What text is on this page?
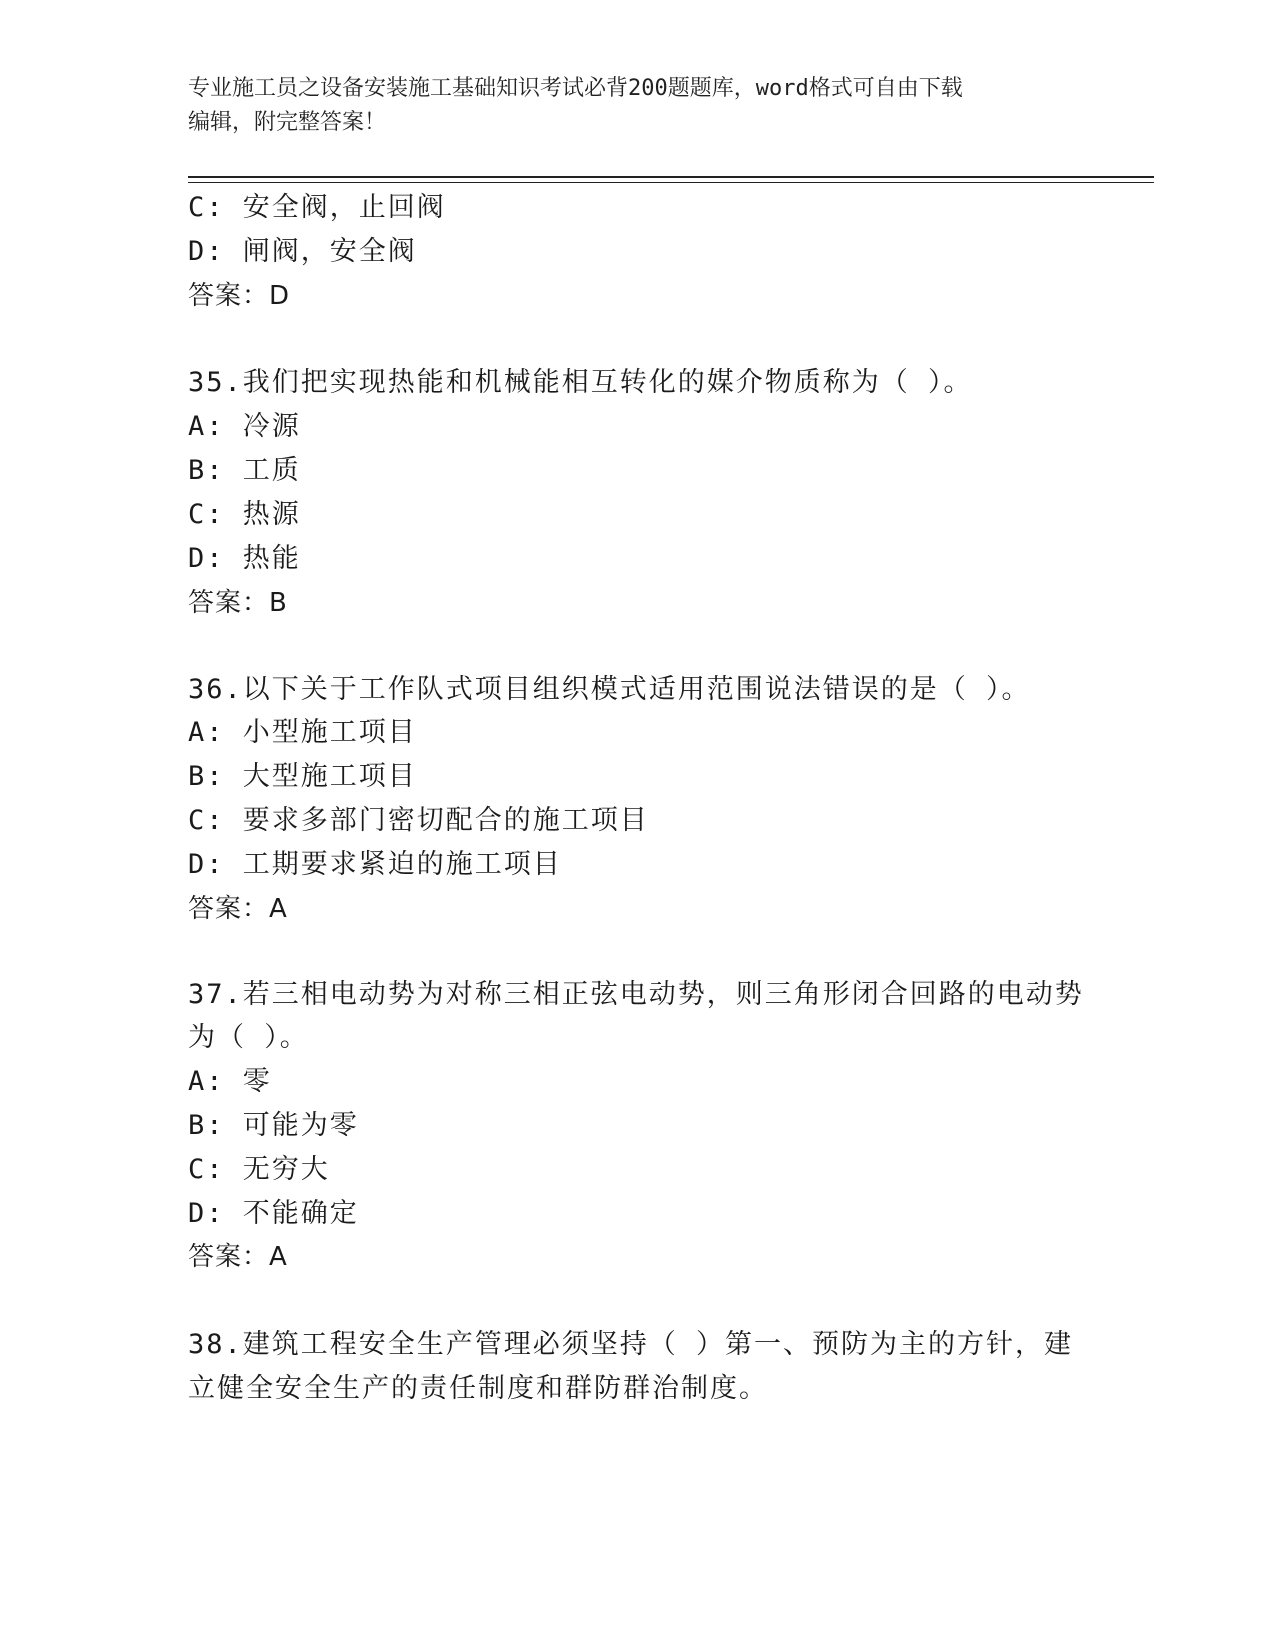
专业施工员之设备安装施工基础知识考试必背200题题库，word格式可自由下载
编辑，附完整答案！
C: 安全阀，止回阀
D: 闸阀，安全阀
答案：D
35.我们把实现热能和机械能相互转化的媒介物质称为（ ）。
A: 冷源
B: 工质
C: 热源
D: 热能
答案：B
36.以下关于工作队式项目组织模式适用范围说法错误的是（ ）。
A: 小型施工项目
B: 大型施工项目
C: 要求多部门密切配合的施工项目
D: 工期要求紧迫的施工项目
答案：A
37.若三相电动势为对称三相正弦电动势，则三角形闭合回路的电动势
为（ ）。
A: 零
B: 可能为零
C: 无穷大
D: 不能确定
答案：A
38.建筑工程安全生产管理必须坚持（ ）第一、预防为主的方针，建
立健全安全生产的责任制度和群防群治制度。
